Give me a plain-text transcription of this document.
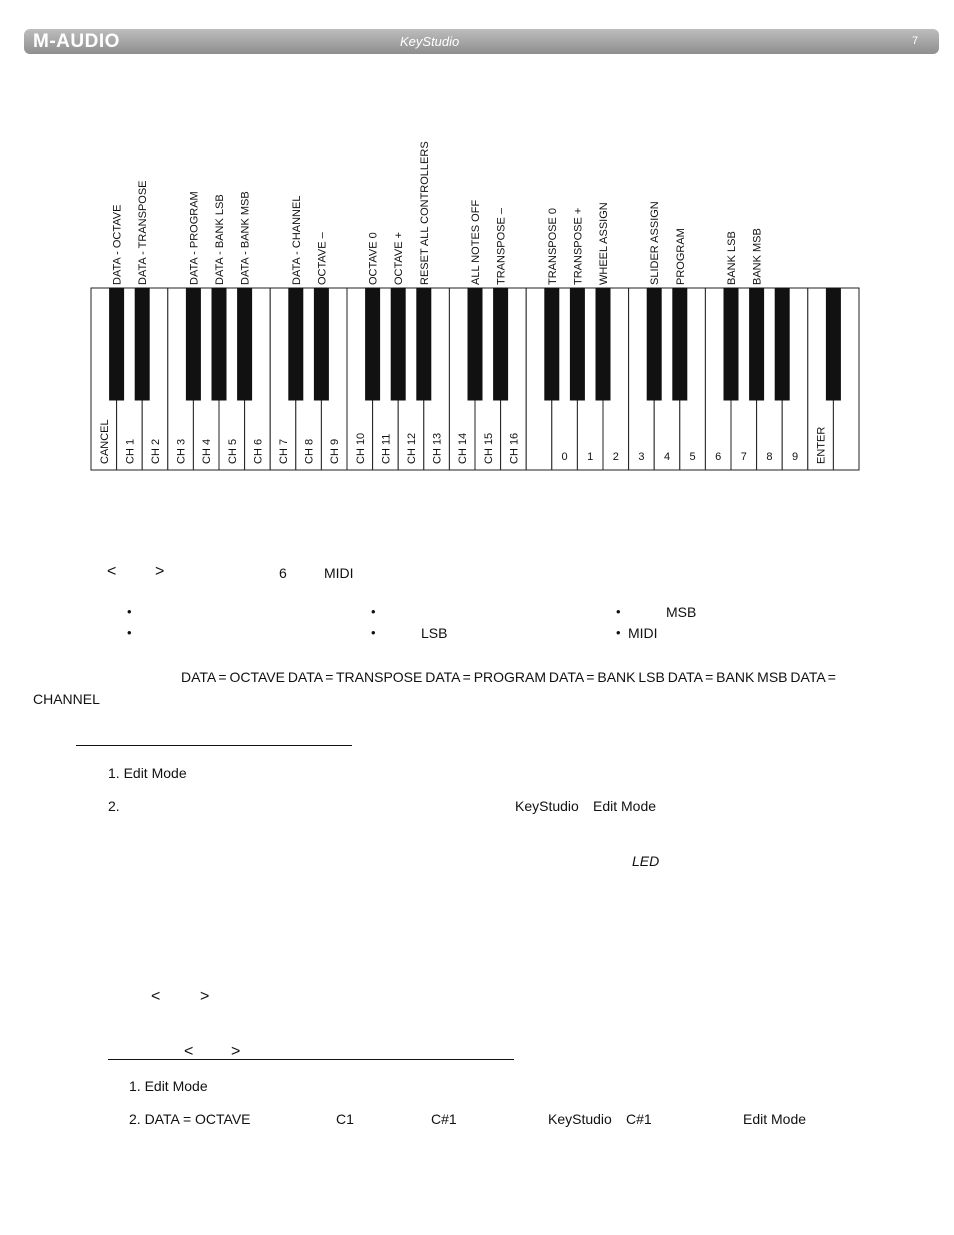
M-AUDIO	KeyStudio	7
DATA - OCTAVE DATA - TRANSPOSE	DATA - PROGRAM DATA - BANK LSB DATA - BANK MSB	DATA - CHANNEL OCTAVE –	OCTAVE 0 OCTAVE + RESET ALL CONTROLLERS	ALL NOTES OFF TRANSPOSE –	TRANSPOSE 0 TRANSPOSE + WHEEL ASSIGN	SLIDER ASSIGN PROGRAM	BANK LSB BANK MSB
CANCEL CH 1 CH 2 CH 3 CH 4 CH 5 CH 6 CH 7 CH 8 CH 9 CH 10 CH 11 CH 12 CH 13 CH 14 CH 15 CH 16	0 1 2 3 4 5 6 7 8 9 ENTER
< >	6	MIDI
•	•	•	MSB
•	•	LSB	• MIDI
DATA = OCTAVE DATA = TRANSPOSE DATA = PROGRAM DATA = BANK LSB DATA = BANK MSB DATA =
CHANNEL
1. Edit Mode
2.	KeyStudio Edit Mode
LED
< >
< >
1. Edit Mode
2. DATA = OCTAVE	C1	C#1	KeyStudio C#1	Edit Mode
